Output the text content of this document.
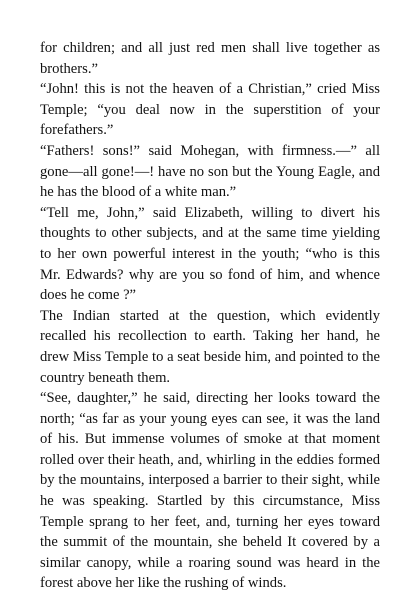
for children; and all just red men shall live together as brothers.”

“John! this is not the heaven of a Christian,” cried Miss Temple; “you deal now in the superstition of your forefathers.”

“Fathers! sons!” said Mohegan, with firmness.—” all gone—all gone!—! have no son but the Young Eagle, and he has the blood of a white man.”

“Tell me, John,” said Elizabeth, willing to divert his thoughts to other subjects, and at the same time yielding to her own powerful interest in the youth; “who is this Mr. Edwards? why are you so fond of him, and whence does he come ?”

The Indian started at the question, which evidently recalled his recollection to earth. Taking her hand, he drew Miss Temple to a seat beside him, and pointed to the country beneath them.

“See, daughter,” he said, directing her looks toward the north; “as far as your young eyes can see, it was the land of his. But immense volumes of smoke at that moment rolled over their heath, and, whirling in the eddies formed by the mountains, interposed a barrier to their sight, while he was speaking. Startled by this circumstance, Miss Temple sprang to her feet, and, turning her eyes toward the summit of the mountain, she beheld It covered by a similar canopy, while a roaring sound was heard in the forest above her like the rushing of winds.
